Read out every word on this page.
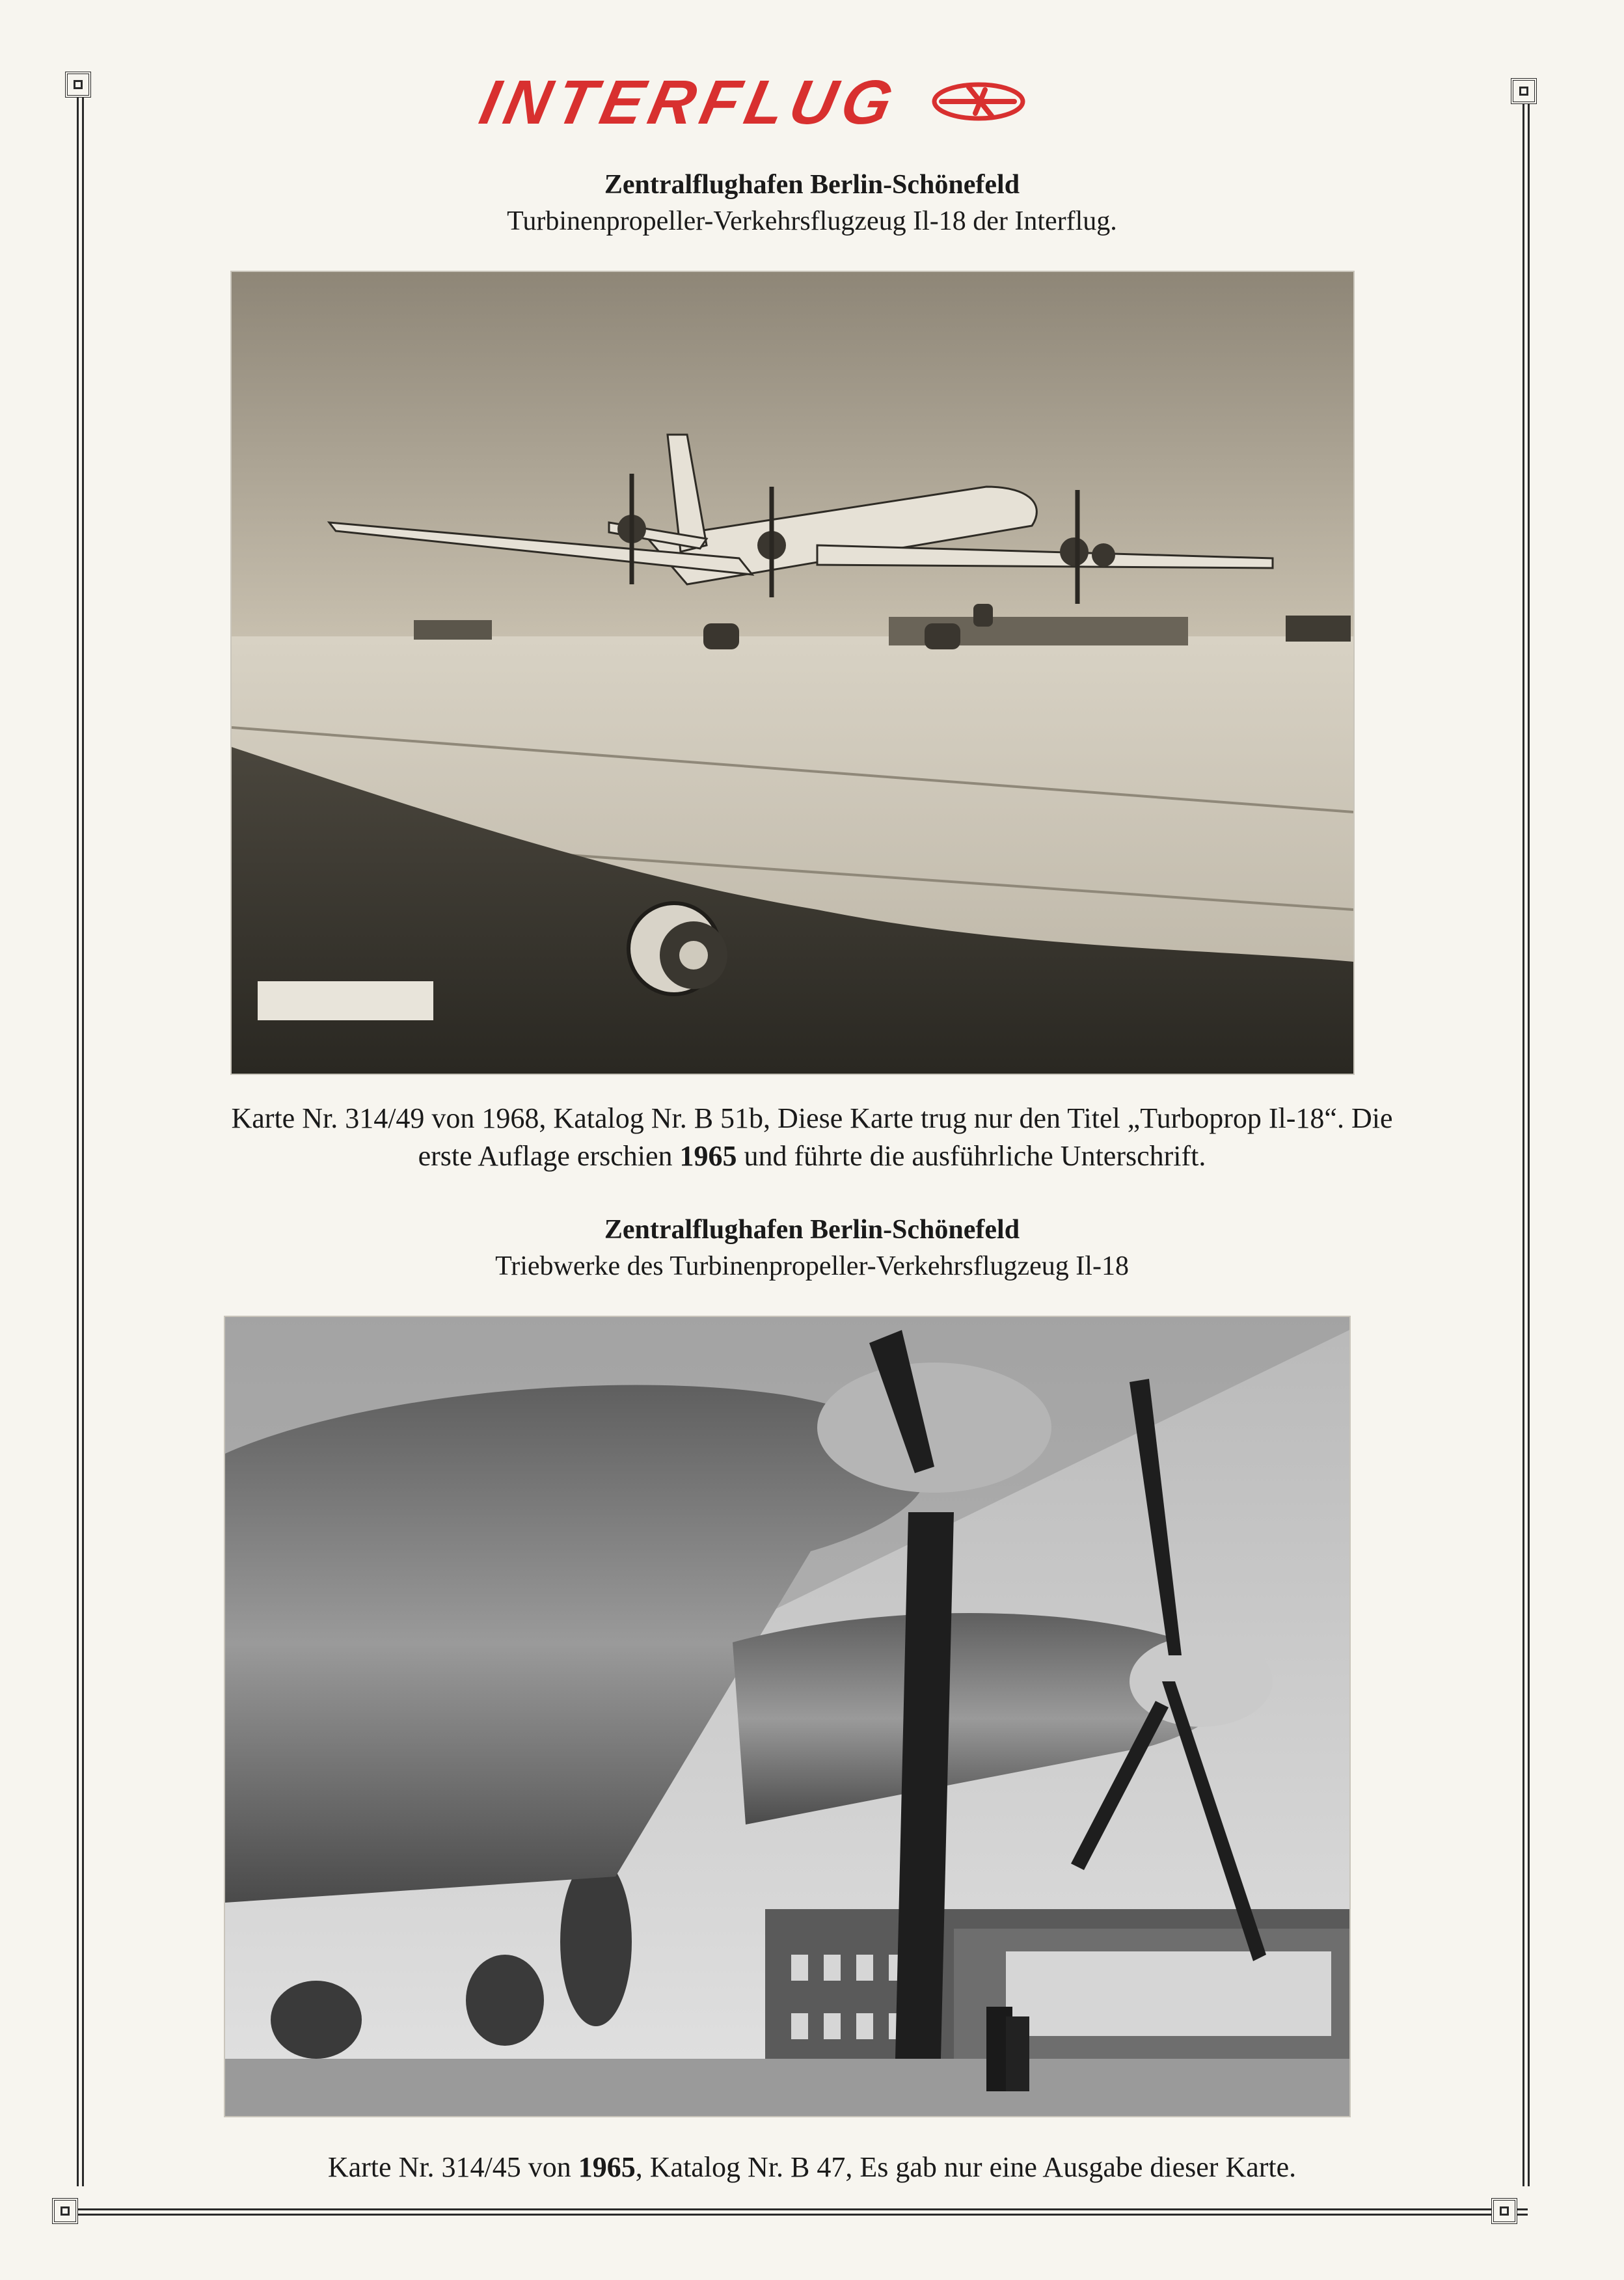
INTERFLUG
Zentralflughafen Berlin-Schönefeld
Turbinenpropeller-Verkehrsflugzeug Il-18 der Interflug.
Karte Nr. 314/49 von 1968, Katalog Nr. B 51b, Diese Karte trug nur den Titel „Turboprop Il-18“. Die
erste Auflage erschien 1965 und führte die ausführliche Unterschrift.
Zentralflughafen Berlin-Schönefeld
Triebwerke des Turbinenpropeller-Verkehrsflugzeug Il-18
Karte Nr. 314/45 von 1965, Katalog Nr. B 47, Es gab nur eine Ausgabe dieser Karte.
